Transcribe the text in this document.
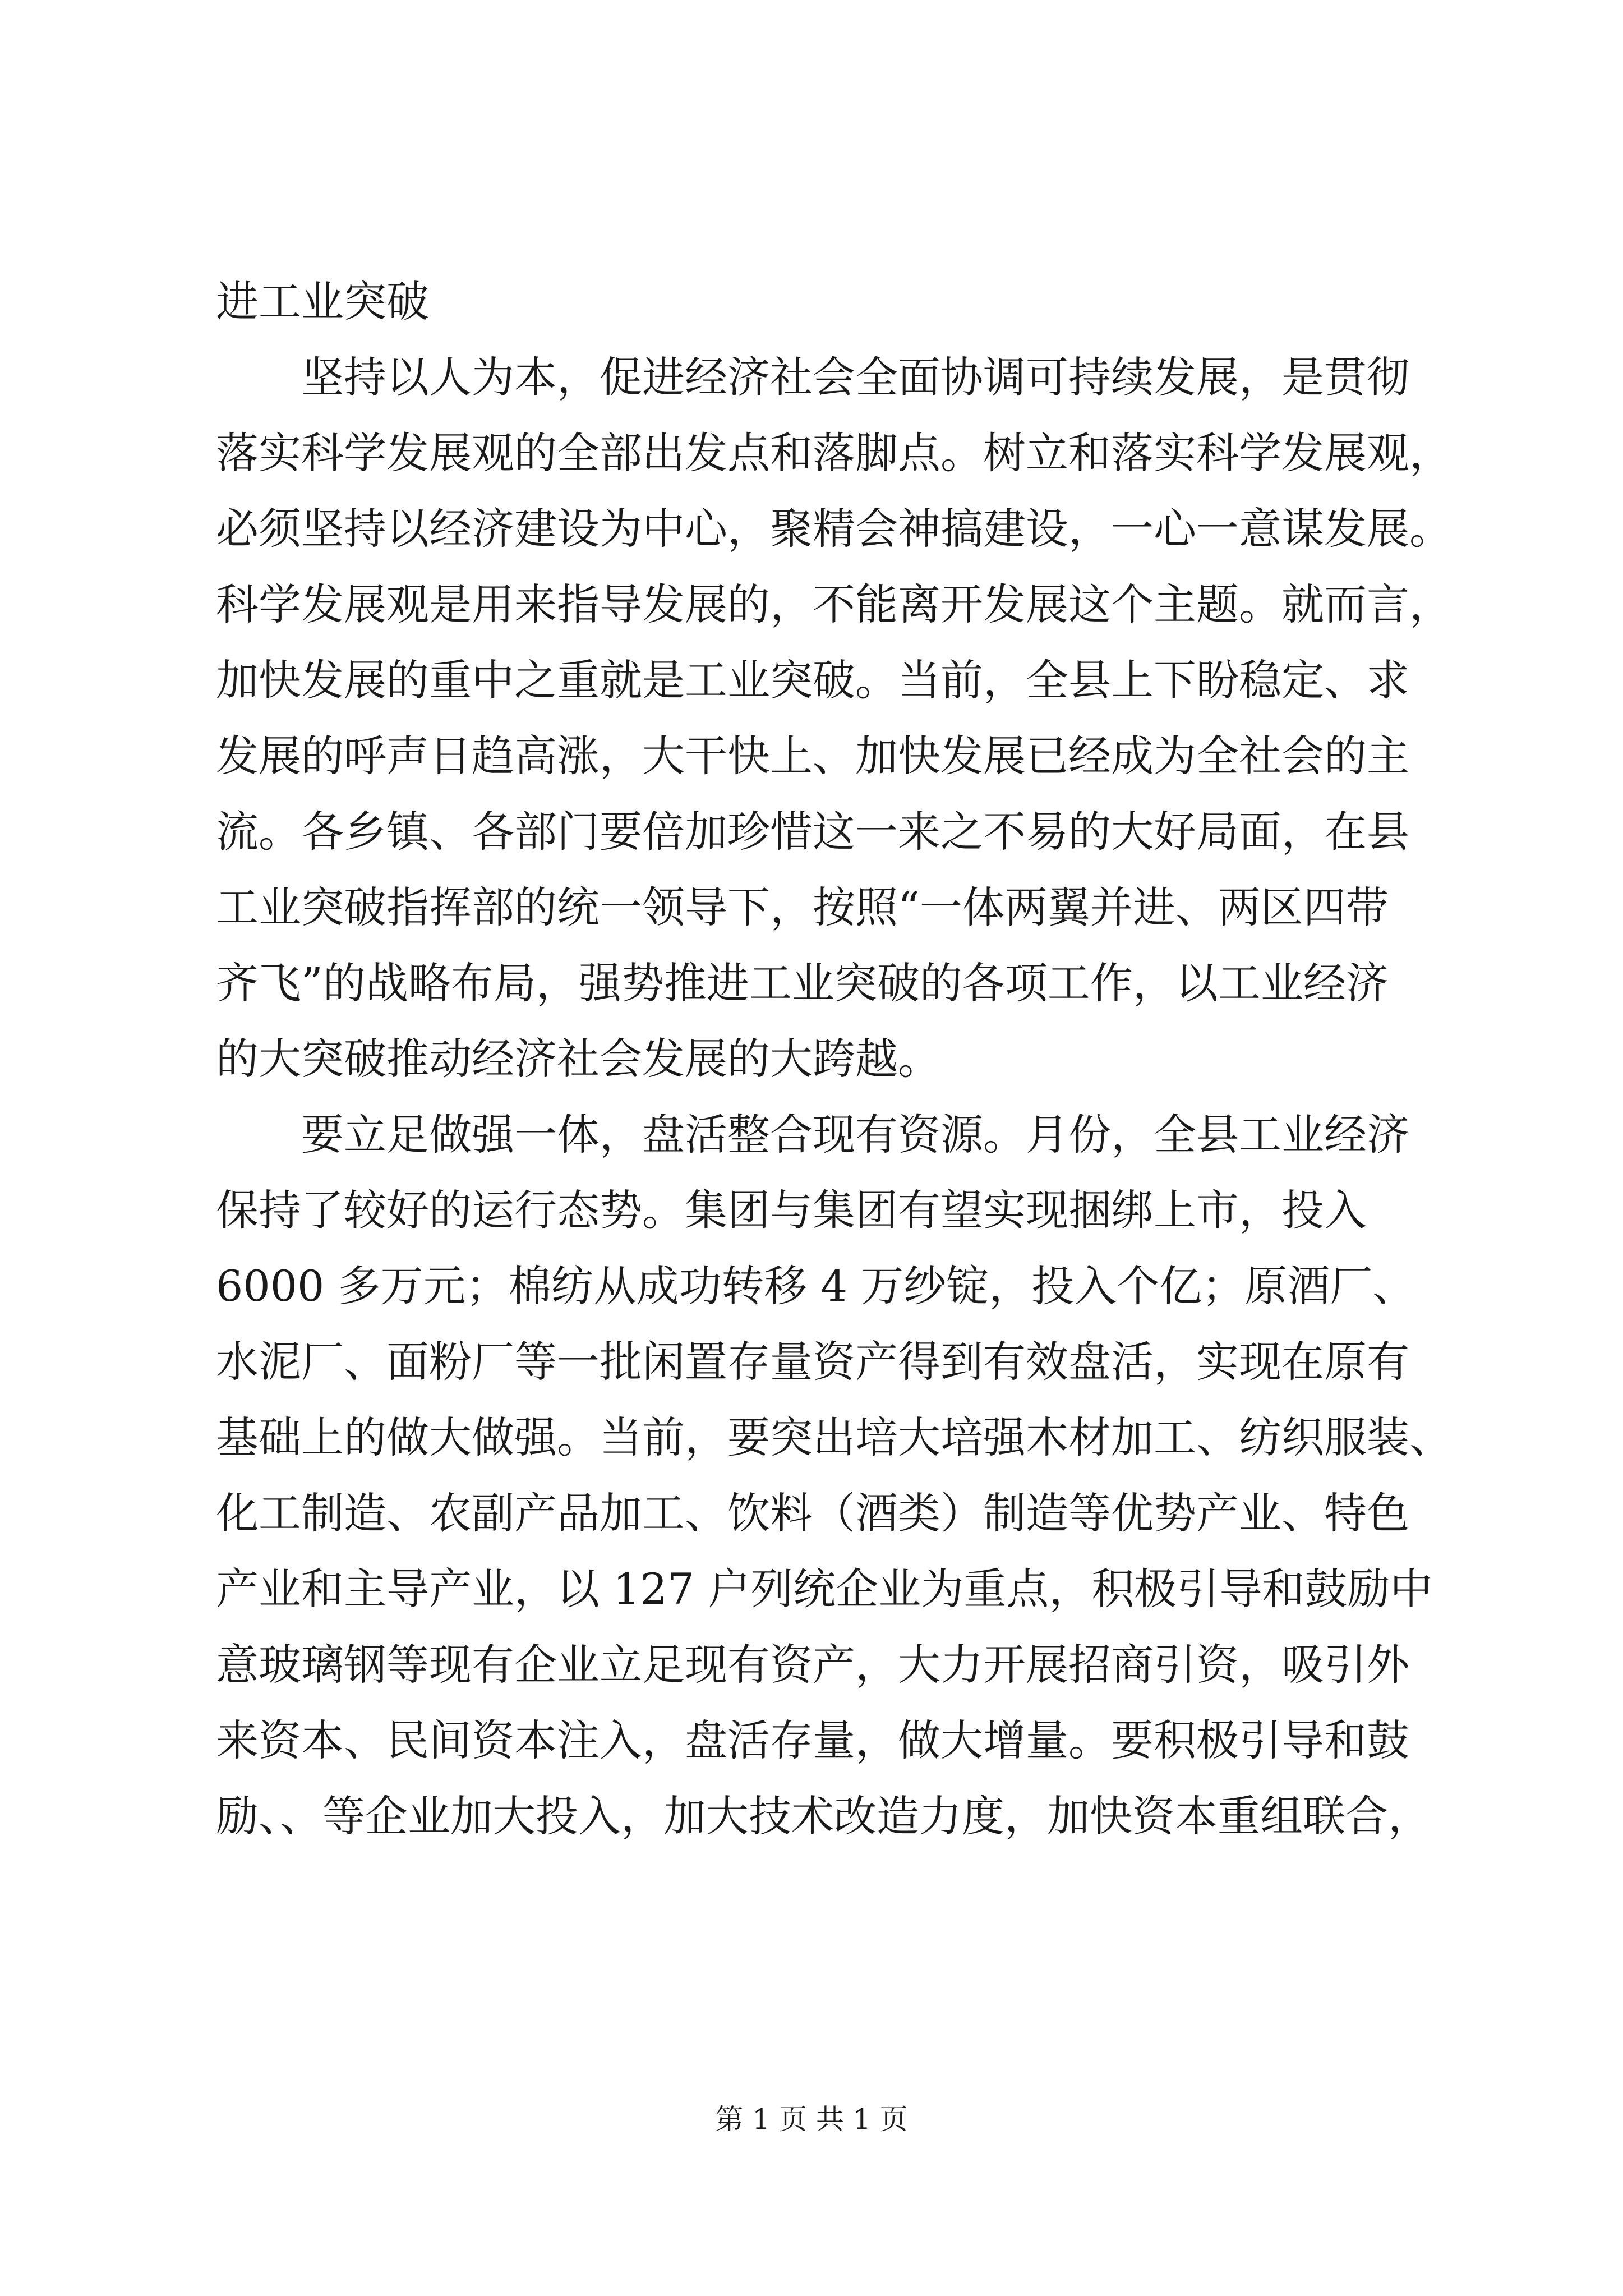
进工业突破
坚持以人为本，促进经济社会全面协调可持续发展，是贯彻
落实科学发展观的全部出发点和落脚点。树立和落实科学发展观，
必须坚持以经济建设为中心，聚精会神搞建设，一心一意谋发展。
科学发展观是用来指导发展的，不能离开发展这个主题。就而言，
加快发展的重中之重就是工业突破。当前，全县上下盼稳定、求
发展的呼声日趋高涨，大干快上、加快发展已经成为全社会的主
流。各乡镇、各部门要倍加珍惜这一来之不易的大好局面，在县
工业突破指挥部的统一领导下，按照“一体两翼并进、两区四带
齐飞”的战略布局，强势推进工业突破的各项工作，以工业经济
的大突破推动经济社会发展的大跨越。
要立足做强一体，盘活整合现有资源。月份，全县工业经济
保持了较好的运行态势。集团与集团有望实现捆绑上市，投入
6000 多万元；棉纺从成功转移 4 万纱锭，投入个亿；原酒厂、
水泥厂、面粉厂等一批闲置存量资产得到有效盘活，实现在原有
基础上的做大做强。当前，要突出培大培强木材加工、纺织服装、
化工制造、农副产品加工、饮料（酒类）制造等优势产业、特色
产业和主导产业，以 127 户列统企业为重点，积极引导和鼓励中
意玻璃钢等现有企业立足现有资产，大力开展招商引资，吸引外
来资本、民间资本注入，盘活存量，做大增量。要积极引导和鼓
励、、等企业加大投入，加大技术改造力度，加快资本重组联合，
第 1 页 共 1 页
